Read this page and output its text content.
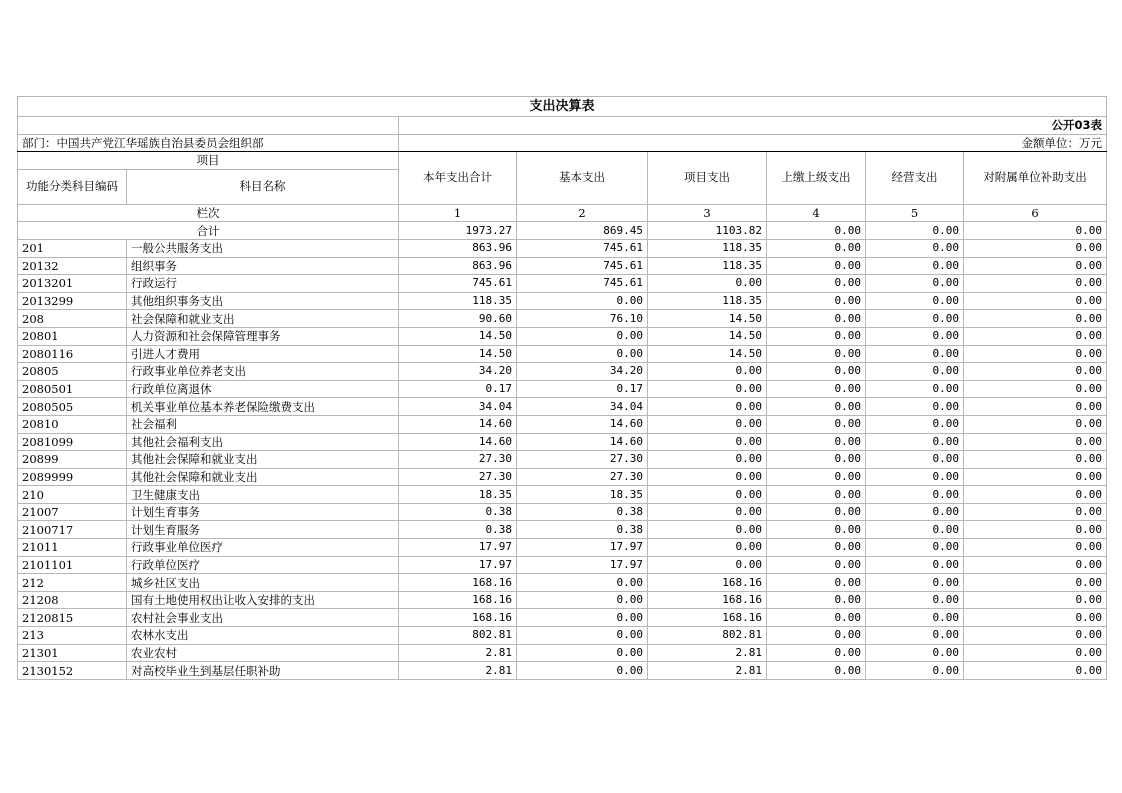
支出决算表							
		公开03表					
部门：中国共产党江华瑶族自治县委员会组织部		金额单位：万元					
项目		本年支出合计	基本支出	项目支出	上缴上级支出	经营支出	对附属单位补助支出
功能分类科目编码	科目名称						
栏次		1	2	3	4	5	6
合计		1973.27	869.45	1103.82	0.00	0.00	0.00
201	一般公共服务支出	863.96	745.61	118.35	0.00	0.00	0.00
20132	组织事务	863.96	745.61	118.35	0.00	0.00	0.00
2013201	行政运行	745.61	745.61	0.00	0.00	0.00	0.00
2013299	其他组织事务支出	118.35	0.00	118.35	0.00	0.00	0.00
208	社会保障和就业支出	90.60	76.10	14.50	0.00	0.00	0.00
20801	人力资源和社会保障管理事务	14.50	0.00	14.50	0.00	0.00	0.00
2080116	引进人才费用	14.50	0.00	14.50	0.00	0.00	0.00
20805	行政事业单位养老支出	34.20	34.20	0.00	0.00	0.00	0.00
2080501	行政单位离退休	0.17	0.17	0.00	0.00	0.00	0.00
2080505	机关事业单位基本养老保险缴费支出	34.04	34.04	0.00	0.00	0.00	0.00
20810	社会福利	14.60	14.60	0.00	0.00	0.00	0.00
2081099	其他社会福利支出	14.60	14.60	0.00	0.00	0.00	0.00
20899	其他社会保障和就业支出	27.30	27.30	0.00	0.00	0.00	0.00
2089999	其他社会保障和就业支出	27.30	27.30	0.00	0.00	0.00	0.00
210	卫生健康支出	18.35	18.35	0.00	0.00	0.00	0.00
21007	计划生育事务	0.38	0.38	0.00	0.00	0.00	0.00
2100717	计划生育服务	0.38	0.38	0.00	0.00	0.00	0.00
21011	行政事业单位医疗	17.97	17.97	0.00	0.00	0.00	0.00
2101101	行政单位医疗	17.97	17.97	0.00	0.00	0.00	0.00
212	城乡社区支出	168.16	0.00	168.16	0.00	0.00	0.00
21208	国有土地使用权出让收入安排的支出	168.16	0.00	168.16	0.00	0.00	0.00
2120815	农村社会事业支出	168.16	0.00	168.16	0.00	0.00	0.00
213	农林水支出	802.81	0.00	802.81	0.00	0.00	0.00
21301	农业农村	2.81	0.00	2.81	0.00	0.00	0.00
2130152	对高校毕业生到基层任职补助	2.81	0.00	2.81	0.00	0.00	0.00
